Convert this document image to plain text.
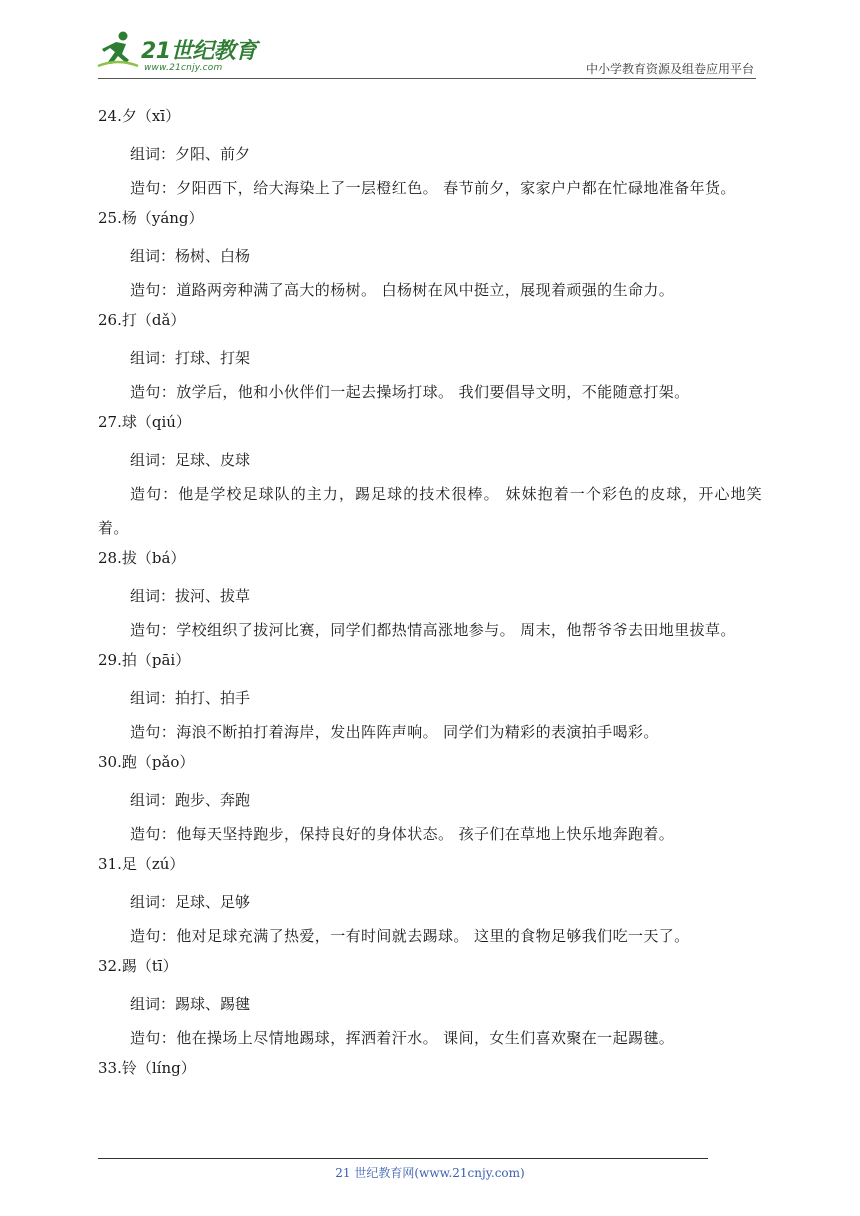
21世纪教育
www.21cnjy.com	中小学教育资源及组卷应用平台
24.夕（xī）
组词：夕阳、前夕
造句：夕阳西下，给大海染上了一层橙红色。 春节前夕，家家户户都在忙碌地准备年货。
25.杨（yáng）
组词：杨树、白杨
造句：道路两旁种满了高大的杨树。 白杨树在风中挺立，展现着顽强的生命力。
26.打（dǎ）
组词：打球、打架
造句：放学后，他和小伙伴们一起去操场打球。 我们要倡导文明，不能随意打架。
27.球（qiú）
组词：足球、皮球
造句：他是学校足球队的主力，踢足球的技术很棒。 妹妹抱着一个彩色的皮球，开心地笑着。
28.拔（bá）
组词：拔河、拔草
造句：学校组织了拔河比赛，同学们都热情高涨地参与。 周末，他帮爷爷去田地里拔草。
29.拍（pāi）
组词：拍打、拍手
造句：海浪不断拍打着海岸，发出阵阵声响。 同学们为精彩的表演拍手喝彩。
30.跑（pǎo）
组词：跑步、奔跑
造句：他每天坚持跑步，保持良好的身体状态。 孩子们在草地上快乐地奔跑着。
31.足（zú）
组词：足球、足够
造句：他对足球充满了热爱，一有时间就去踢球。 这里的食物足够我们吃一天了。
32.踢（tī）
组词：踢球、踢毽
造句：他在操场上尽情地踢球，挥洒着汗水。 课间，女生们喜欢聚在一起踢毽。
33.铃（líng）
21 世纪教育网(www.21cnjy.com)
